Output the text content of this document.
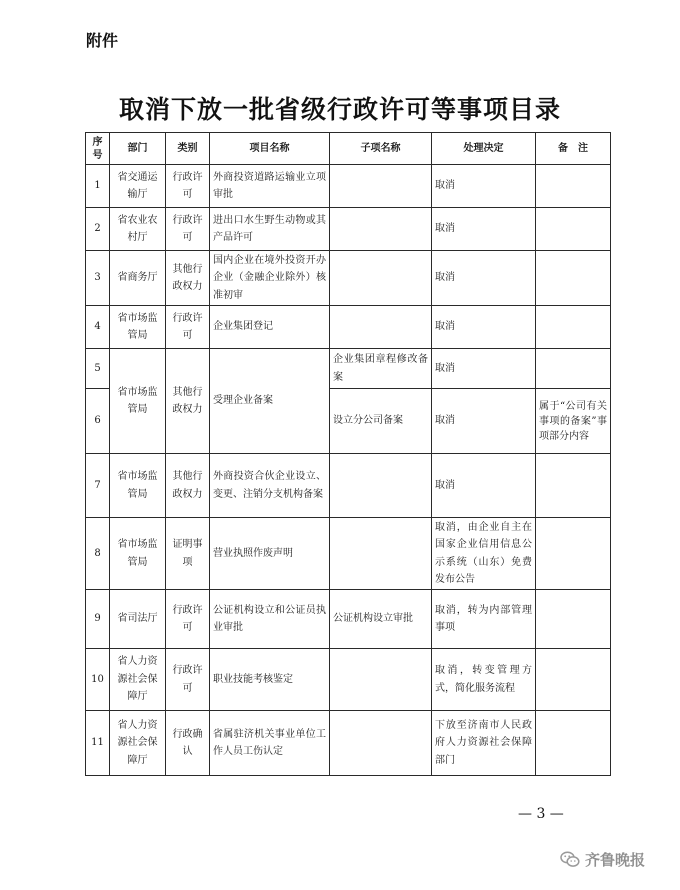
附件
取消下放一批省级行政许可等事项目录
序号	部门	类别	项目名称	子项名称	处理决定	备　注
1	省交通运输厅	行政许可	外商投资道路运输业立项审批		取消	
2	省农业农村厅	行政许可	进出口水生野生动物或其产品许可		取消	
3	省商务厅	其他行政权力	国内企业在境外投资开办企业（金融企业除外）核准初审		取消	
4	省市场监管局	行政许可	企业集团登记		取消	
5	省市场监管局	其他行政权力	受理企业备案	企业集团章程修改备案	取消	
6				设立分公司备案	取消	属于“公司有关事项的备案”事项部分内容
7	省市场监管局	其他行政权力	外商投资合伙企业设立、变更、注销分支机构备案		取消	
8	省市场监管局	证明事项	营业执照作废声明		取消，由企业自主在国家企业信用信息公示系统（山东）免费发布公告	
9	省司法厅	行政许可	公证机构设立和公证员执业审批	公证机构设立审批	取消，转为内部管理事项	
10	省人力资源社会保障厅	行政许可	职业技能考核鉴定		取消，转变管理方式，简化服务流程	
11	省人力资源社会保障厅	行政确认	省属驻济机关事业单位工作人员工伤认定		下放至济南市人民政府人力资源社会保障部门	
— 3 —
齐鲁晚报
